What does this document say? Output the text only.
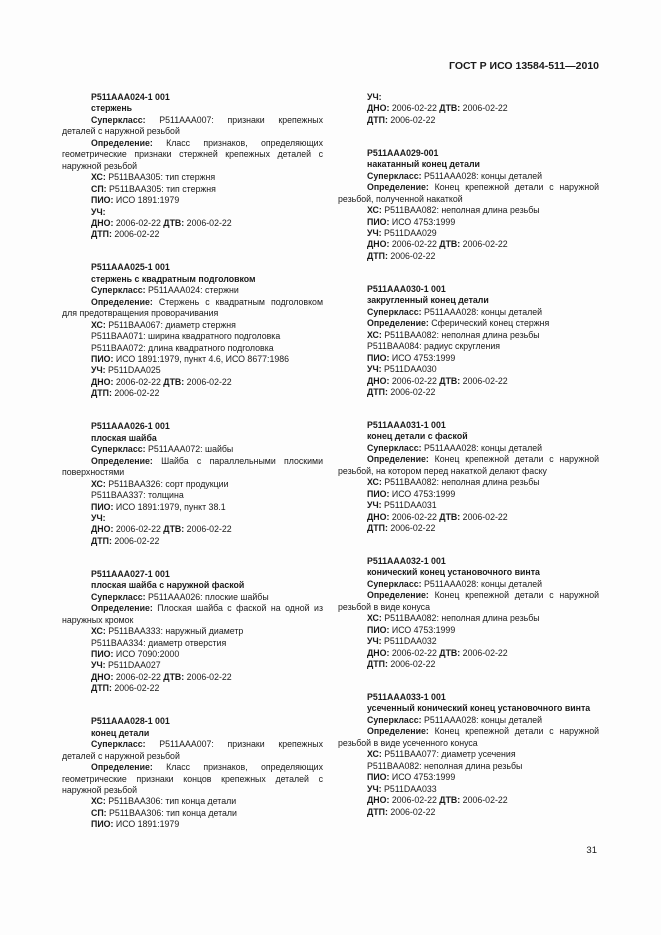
ГОСТ Р ИСО 13584-511—2010

P511AAA024-1 001

стержень

Суперкласс: P511AAA007: признаки крепежных деталей с наружной резьбой

Определение: Класс признаков, определяющих геометрические признаки стержней крепежных деталей с наружной резьбой

ХС: P511BAA305: тип стержня

СП: P511BAA305: тип стержня

ПИО: ИСО 1891:1979

УЧ:

ДНО: 2006-02-22 ДТВ: 2006-02-22

ДТП: 2006-02-22

P511AAA025-1 001

стержень с квадратным подголовком

Суперкласс: P511AAA024: стержни

Определение: Стержень с квадратным подголовком для предотвращения проворачивания

ХС: P511BAA067: диаметр стержня

P511BAA071: ширина квадратного подголовка

P511BAA072: длина квадратного подголовка

ПИО: ИСО 1891:1979, пункт 4.6, ИСО 8677:1986

УЧ: P511DAA025

ДНО: 2006-02-22 ДТВ: 2006-02-22

ДТП: 2006-02-22

P511AAA026-1 001

плоская шайба

Суперкласс: P511AAA072: шайбы

Определение: Шайба с параллельными плоскими поверхностями

ХС: P511BAA326: сорт продукции

P511BAA337: толщина

ПИО: ИСО 1891:1979, пункт 38.1

УЧ:

ДНО: 2006-02-22 ДТВ: 2006-02-22

ДТП: 2006-02-22

P511AAA027-1 001

плоская шайба с наружной фаской

Суперкласс: P511AAA026: плоские шайбы

Определение: Плоская шайба с фаской на одной из наружных кромок

ХС: P511BAA333: наружный диаметр

P511BAA334: диаметр отверстия

ПИО: ИСО 7090:2000

УЧ: P511DAA027

ДНО: 2006-02-22 ДТВ: 2006-02-22

ДТП: 2006-02-22

P511AAA028-1 001

конец детали

Суперкласс: P511AAA007: признаки крепежных деталей с наружной резьбой

Определение: Класс признаков, определяющих геометрические признаки концов крепежных деталей с наружной резьбой

ХС: P511BAA306: тип конца детали

СП: P511BAA306: тип конца детали

ПИО: ИСО 1891:1979

УЧ:

ДНО: 2006-02-22 ДТВ: 2006-02-22

ДТП: 2006-02-22

P511AAA029-001

накатанный конец детали

Суперкласс: P511AAA028: концы деталей

Определение: Конец крепежной детали с наружной резьбой, полученной накаткой

ХС: P511BAA082: неполная длина резьбы

ПИО: ИСО 4753:1999

УЧ: P511DAA029

ДНО: 2006-02-22 ДТВ: 2006-02-22

ДТП: 2006-02-22

P511AAA030-1 001

закругленный конец детали

Суперкласс: P511AAA028: концы деталей

Определение: Сферический конец стержня

ХС: P511BAA082: неполная длина резьбы

P511BAA084: радиус скругления

ПИО: ИСО 4753:1999

УЧ: P511DAA030

ДНО: 2006-02-22 ДТВ: 2006-02-22

ДТП: 2006-02-22

P511AAA031-1 001

конец детали с фаской

Суперкласс: P511AAA028: концы деталей

Определение: Конец крепежной детали с наружной резьбой, на котором перед накаткой делают фаску

ХС: P511BAA082: неполная длина резьбы

ПИО: ИСО 4753:1999

УЧ: P511DAA031

ДНО: 2006-02-22 ДТВ: 2006-02-22

ДТП: 2006-02-22

P511AAA032-1 001

конический конец установочного винта

Суперкласс: P511AAA028: концы деталей

Определение: Конец крепежной детали с наружной резьбой в виде конуса

ХС: P511BAA082: неполная длина резьбы

ПИО: ИСО 4753:1999

УЧ: P511DAA032

ДНО: 2006-02-22 ДТВ: 2006-02-22

ДТП: 2006-02-22

P511AAA033-1 001

усеченный конический конец установочного винта

Суперкласс: P511AAA028: концы деталей

Определение: Конец крепежной детали с наружной резьбой в виде усеченного конуса

ХС: P511BAA077: диаметр усечения

P511BAA082: неполная длина резьбы

ПИО: ИСО 4753:1999

УЧ: P511DAA033

ДНО: 2006-02-22 ДТВ: 2006-02-22

ДТП: 2006-02-22

31
